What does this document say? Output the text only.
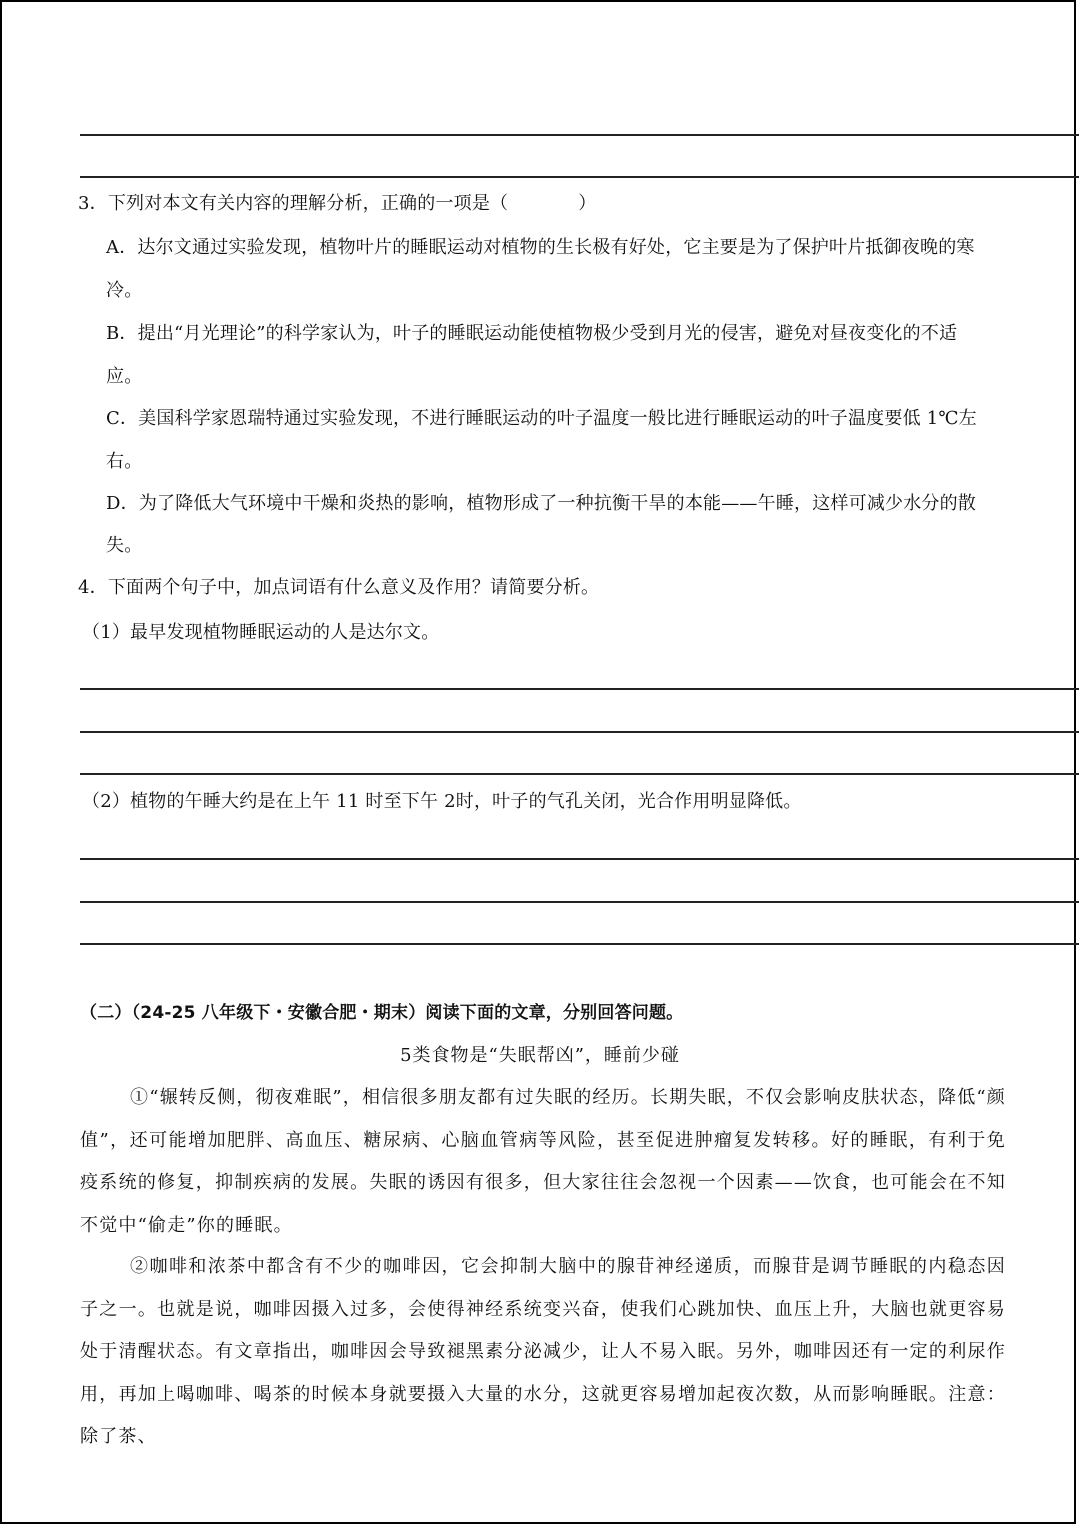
3．下列对本文有关内容的理解分析，正确的一项是（	）
A．达尔文通过实验发现，植物叶片的睡眠运动对植物的生长极有好处，它主要是为了保护叶片抵御夜晚的寒
冷。
B．提出“月光理论”的科学家认为，叶子的睡眠运动能使植物极少受到月光的侵害，避免对昼夜变化的不适
应。
C．美国科学家恩瑞特通过实验发现，不进行睡眠运动的叶子温度一般比进行睡眠运动的叶子温度要低 1℃左
右。
D．为了降低大气环境中干燥和炎热的影响，植物形成了一种抗衡干旱的本能——午睡，这样可减少水分的散
失。
4．下面两个句子中，加点词语有什么意义及作用？请简要分析。
（1）最早发现植物睡眠运动的人是达尔文。
（2）植物的午睡大约是在上午 11 时至下午 2时，叶子的气孔关闭，光合作用明显降低。
（二）（24-25 八年级下・安徽合肥・期末）阅读下面的文章，分别回答问题。
5类食物是“失眠帮凶”，睡前少碰
①“辗转反侧，彻夜难眠”，相信很多朋友都有过失眠的经历。长期失眠，不仅会影响皮肤状态，降低“颜值”，还可能增加肥胖、高血压、糖尿病、心脑血管病等风险，甚至促进肿瘤复发转移。好的睡眠，有利于免疫系统的修复，抑制疾病的发展。失眠的诱因有很多，但大家往往会忽视一个因素——饮食，也可能会在不知不觉中“偷走”你的睡眠。
②咖啡和浓茶中都含有不少的咖啡因，它会抑制大脑中的腺苷神经递质，而腺苷是调节睡眠的内稳态因子之一。也就是说，咖啡因摄入过多，会使得神经系统变兴奋，使我们心跳加快、血压上升，大脑也就更容易处于清醒状态。有文章指出，咖啡因会导致褪黑素分泌减少，让人不易入眠。另外，咖啡因还有一定的利尿作用，再加上喝咖啡、喝茶的时候本身就要摄入大量的水分，这就更容易增加起夜次数，从而影响睡眠。注意：除了茶、
